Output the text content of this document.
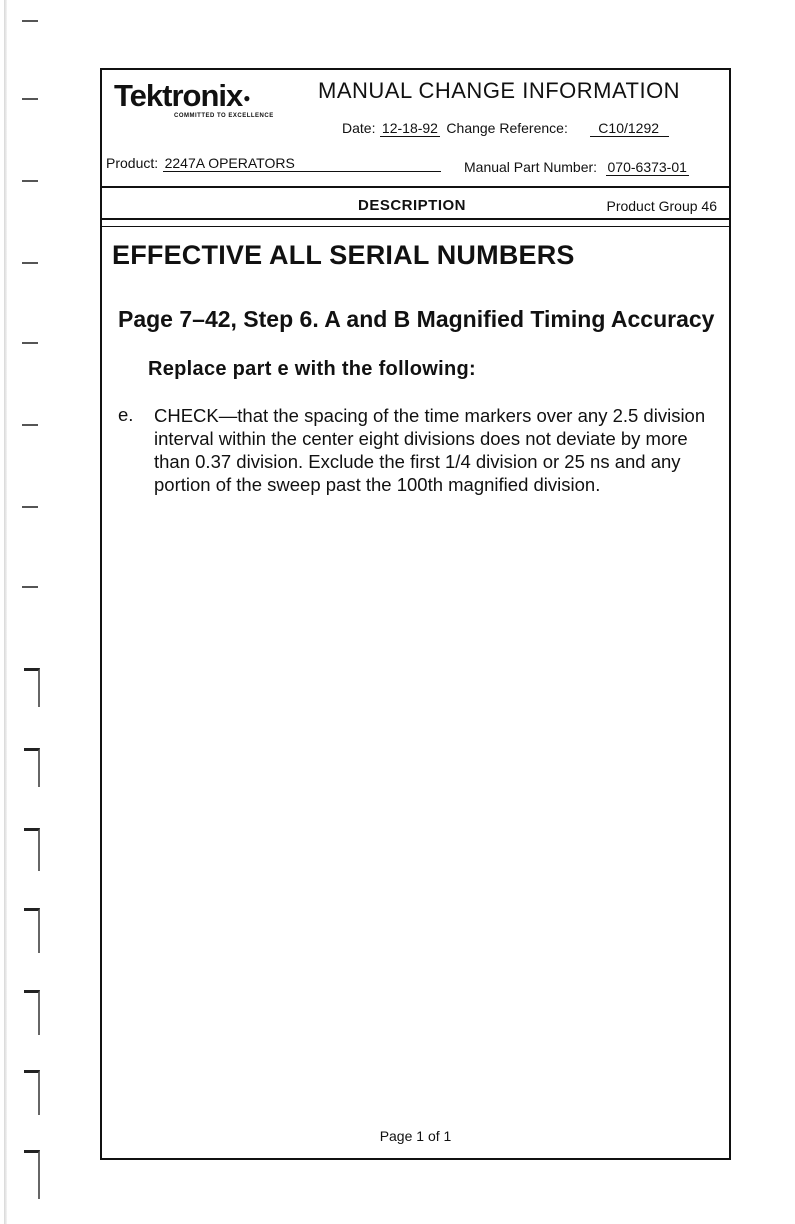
Tektronix●
COMMITTED TO EXCELLENCE
MANUAL CHANGE INFORMATION
Date: 12-18-92 Change Reference: C10/1292
Product: 2247A OPERATORS	Manual Part Number: 070-6373-01
DESCRIPTION	Product Group 46
EFFECTIVE ALL SERIAL NUMBERS
Page 7–42, Step 6. A and B Magnified Timing Accuracy
Replace part e with the following:
e. CHECK—that the spacing of the time markers over any 2.5 division interval within the center eight divisions does not deviate by more than 0.37 division. Exclude the first 1/4 division or 25 ns and any portion of the sweep past the 100th magnified division.
Page 1 of 1
